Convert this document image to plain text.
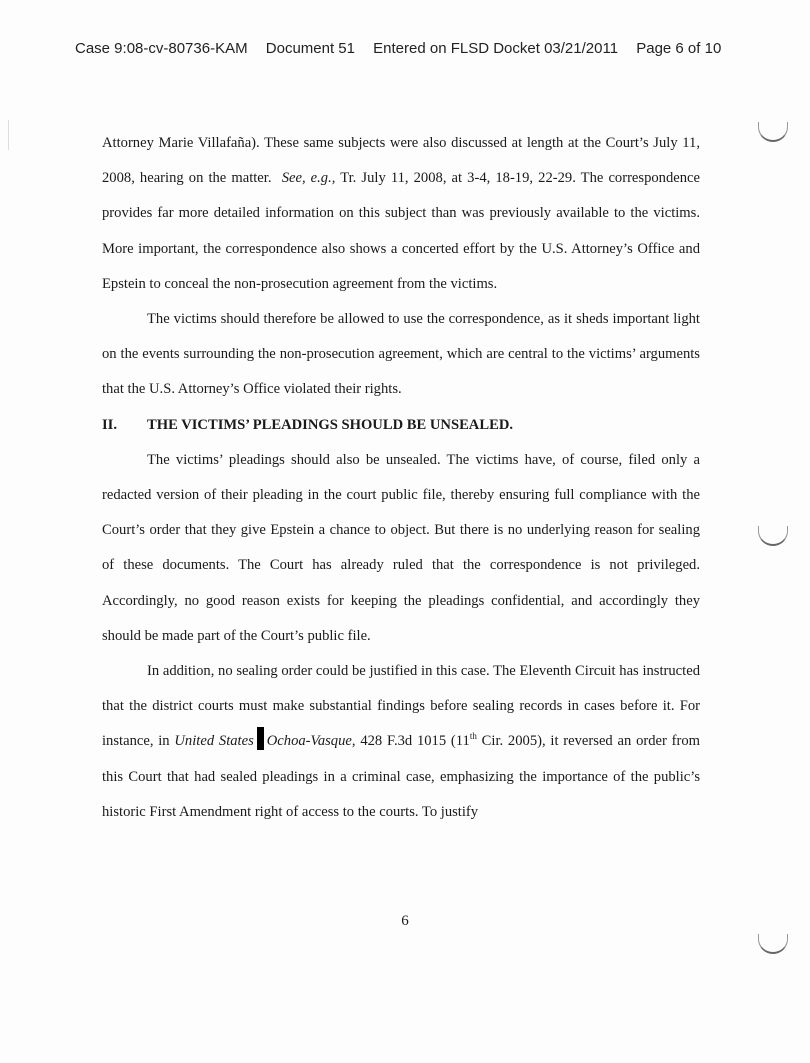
Case 9:08-cv-80736-KAM Document 51 Entered on FLSD Docket 03/21/2011 Page 6 of 10

Attorney Marie Villafaña). These same subjects were also discussed at length at the Court’s July 11, 2008, hearing on the matter. See, e.g., Tr. July 11, 2008, at 3-4, 18-19, 22-29. The correspondence provides far more detailed information on this subject than was previously available to the victims. More important, the correspondence also shows a concerted effort by the U.S. Attorney’s Office and Epstein to conceal the non-prosecution agreement from the victims.

The victims should therefore be allowed to use the correspondence, as it sheds important light on the events surrounding the non-prosecution agreement, which are central to the victims’ arguments that the U.S. Attorney’s Office violated their rights.

II.	THE VICTIMS’ PLEADINGS SHOULD BE UNSEALED.

The victims’ pleadings should also be unsealed. The victims have, of course, filed only a redacted version of their pleading in the court public file, thereby ensuring full compliance with the Court’s order that they give Epstein a chance to object. But there is no underlying reason for sealing of these documents. The Court has already ruled that the correspondence is not privileged. Accordingly, no good reason exists for keeping the pleadings confidential, and accordingly they should be made part of the Court’s public file.

In addition, no sealing order could be justified in this case. The Eleventh Circuit has instructed that the district courts must make substantial findings before sealing records in cases before it. For instance, in United States Ochoa-Vasque, 428 F.3d 1015 (11th Cir. 2005), it reversed an order from this Court that had sealed pleadings in a criminal case, emphasizing the importance of the public’s historic First Amendment right of access to the courts. To justify

6
